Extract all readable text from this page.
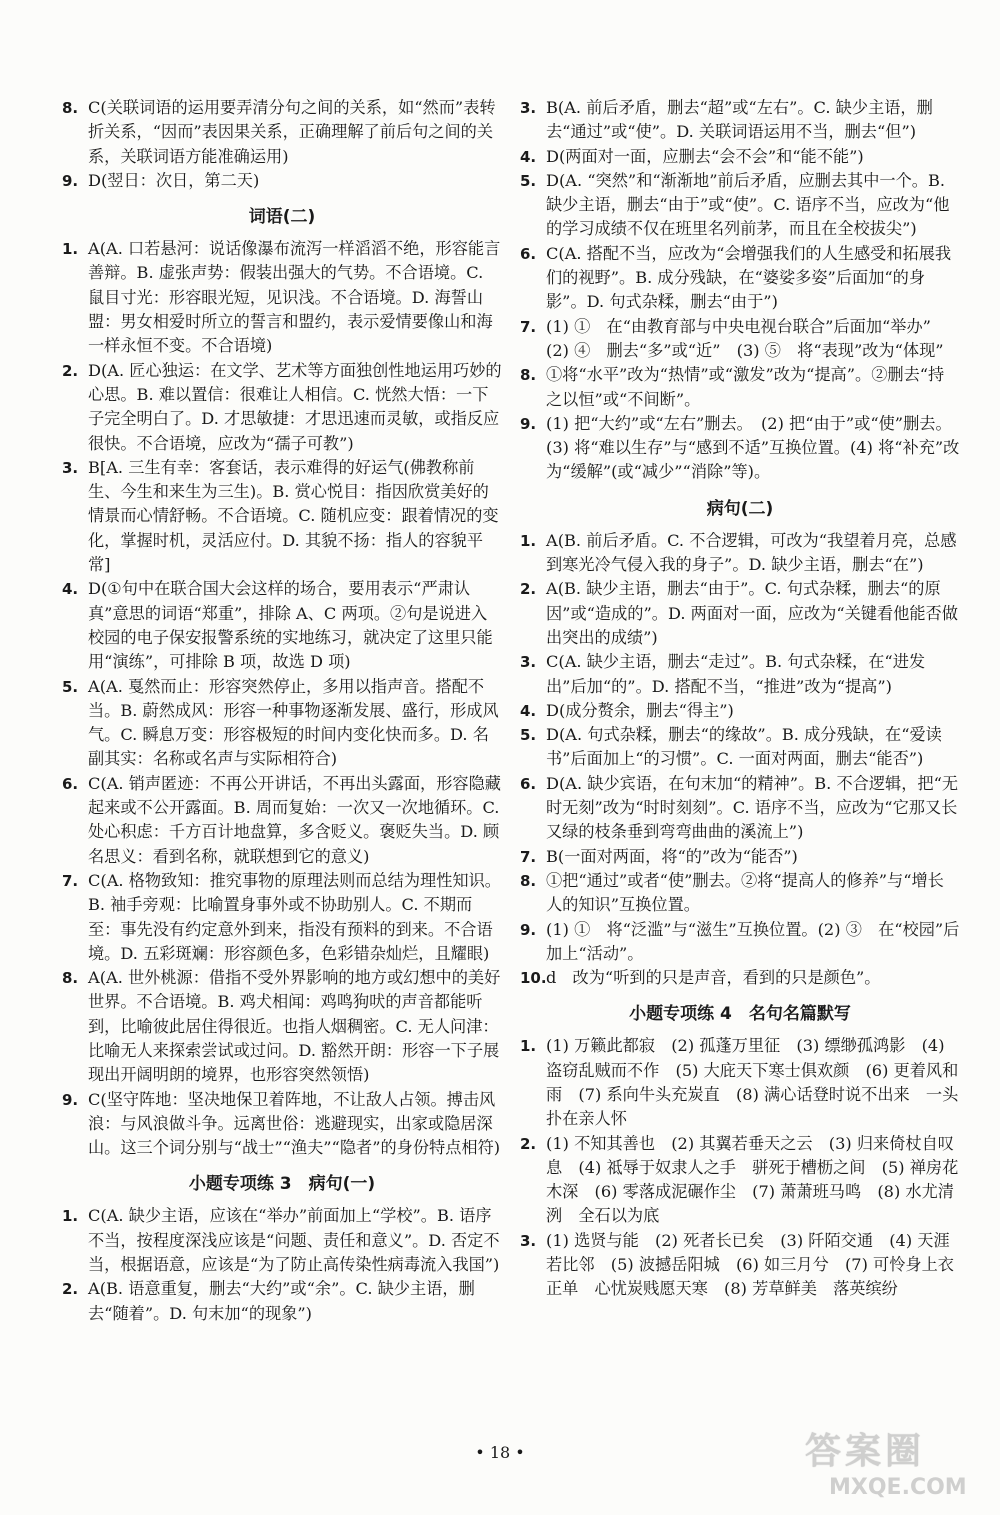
8. C(关联词语的运用要弄清分句之间的关系，如“然而”表转折关系，“因而”表因果关系，正确理解了前后句之间的关系，关联词语方能准确运用)
9. D(翌日：次日，第二天)
词语(二)
1. A(A. 口若悬河：说话像瀑布流泻一样滔滔不绝，形容能言善辩。B. 虚张声势：假装出强大的气势。不合语境。C. 鼠目寸光：形容眼光短，见识浅。不合语境。D. 海誓山盟：男女相爱时所立的誓言和盟约，表示爱情要像山和海一样永恒不变。不合语境)
2. D(A. 匠心独运：在文学、艺术等方面独创性地运用巧妙的心思。B. 难以置信：很难让人相信。C. 恍然大悟：一下子完全明白了。D. 才思敏捷：才思迅速而灵敏，或指反应很快。不合语境，应改为“孺子可教”)
3. B[A. 三生有幸：客套话，表示难得的好运气(佛教称前生、今生和来生为三生)。B. 赏心悦目：指因欣赏美好的情景而心情舒畅。不合语境。C. 随机应变：跟着情况的变化，掌握时机，灵活应付。D. 其貌不扬：指人的容貌平常]
4. D(①句中在联合国大会这样的场合，要用表示“严肃认真”意思的词语“郑重”，排除 A、C 两项。②句是说进入校园的电子保安报警系统的实地练习，就决定了这里只能用“演练”，可排除 B 项，故选 D 项)
5. A(A. 戛然而止：形容突然停止，多用以指声音。搭配不当。B. 蔚然成风：形容一种事物逐渐发展、盛行，形成风气。C. 瞬息万变：形容极短的时间内变化快而多。D. 名副其实：名称或名声与实际相符合)
6. C(A. 销声匿迹：不再公开讲话，不再出头露面，形容隐藏起来或不公开露面。B. 周而复始：一次又一次地循环。C. 处心积虑：千方百计地盘算，多含贬义。褒贬失当。D. 顾名思义：看到名称，就联想到它的意义)
7. C(A. 格物致知：推究事物的原理法则而总结为理性知识。B. 袖手旁观：比喻置身事外或不协助别人。C. 不期而至：事先没有约定意外到来，指没有预料的到来。不合语境。D. 五彩斑斓：形容颜色多，色彩错杂灿烂，且耀眼)
8. A(A. 世外桃源：借指不受外界影响的地方或幻想中的美好世界。不合语境。B. 鸡犬相闻：鸡鸣狗吠的声音都能听到，比喻彼此居住得很近。也指人烟稠密。C. 无人问津：比喻无人来探索尝试或过问。D. 豁然开朗：形容一下子展现出开阔明朗的境界，也形容突然领悟)
9. C(坚守阵地：坚决地保卫着阵地，不让敌人占领。搏击风浪：与风浪做斗争。远离世俗：逃避现实，出家或隐居深山。这三个词分别与“战士”“渔夫”“隐者”的身份特点相符)
小题专项练 3　病句(一)
1. C(A. 缺少主语，应该在“举办”前面加上“学校”。B. 语序不当，按程度深浅应该是“问题、责任和意义”。D. 否定不当，根据语意，应该是“为了防止高传染性病毒流入我国”)
2. A(B. 语意重复，删去“大约”或“余”。C. 缺少主语，删去“随着”。D. 句末加“的现象”)
3. B(A. 前后矛盾，删去“超”或“左右”。C. 缺少主语，删去“通过”或“使”。D. 关联词语运用不当，删去“但”)
4. D(两面对一面，应删去“会不会”和“能不能”)
5. D(A. “突然”和“渐渐地”前后矛盾，应删去其中一个。B. 缺少主语，删去“由于”或“使”。C. 语序不当，应改为“他的学习成绩不仅在班里名列前茅，而且在全校拔尖”)
6. C(A. 搭配不当，应改为“会增强我们的人生感受和拓展我们的视野”。B. 成分残缺，在“婆娑多姿”后面加“的身影”。D. 句式杂糅，删去“由于”)
7. (1) ①　在“由教育部与中央电视台联合”后面加“举办”　(2) ④　删去“多”或“近”　(3) ⑤　将“表现”改为“体现”
8. ①将“水平”改为“热情”或“激发”改为“提高”。②删去“持之以恒”或“不间断”。
9. (1) 把“大约”或“左右”删去。　(2) 把“由于”或“使”删去。　(3) 将“难以生存”与“感到不适”互换位置。(4) 将“补充”改为“缓解”(或“减少”“消除”等)。
病句(二)
1. A(B. 前后矛盾。C. 不合逻辑，可改为“我望着月亮，总感到寒光冷气侵入我的身子”。D. 缺少主语，删去“在”)
2. A(B. 缺少主语，删去“由于”。C. 句式杂糅，删去“的原因”或“造成的”。D. 两面对一面，应改为“关键看他能否做出突出的成绩”)
3. C(A. 缺少主语，删去“走过”。B. 句式杂糅，在“进发出”后加“的”。D. 搭配不当，“推进”改为“提高”)
4. D(成分赘余，删去“得主”)
5. D(A. 句式杂糅，删去“的缘故”。B. 成分残缺，在“爱读书”后面加上“的习惯”。C. 一面对两面，删去“能否”)
6. D(A. 缺少宾语，在句末加“的精神”。B. 不合逻辑，把“无时无刻”改为“时时刻刻”。C. 语序不当，应改为“它那又长又绿的枝条垂到弯弯曲曲的溪流上”)
7. B(一面对两面，将“的”改为“能否”)
8. ①把“通过”或者“使”删去。②将“提高人的修养”与“增长人的知识”互换位置。
9. (1) ①　将“泛滥”与“滋生”互换位置。(2) ③　在“校园”后加上“活动”。
10. d　改为“听到的只是声音，看到的只是颜色”。
小题专项练 4　名句名篇默写
1. (1) 万籁此都寂　(2) 孤蓬万里征　(3) 缥缈孤鸿影　(4) 盗窃乱贼而不作　(5) 大庇天下寒士俱欢颜　(6) 更着风和雨　(7) 系向牛头充炭直　(8) 满心话登时说不出来　一头扑在亲人怀
2. (1) 不知其善也　(2) 其翼若垂天之云　(3) 归来倚杖自叹息　(4) 祗辱于奴隶人之手　骈死于槽枥之间　(5) 禅房花木深　(6) 零落成泥碾作尘　(7) 萧萧班马鸣　(8) 水尤清洌　全石以为底
3. (1) 选贤与能　(2) 死者长已矣　(3) 阡陌交通　(4) 天涯若比邻　(5) 波撼岳阳城　(6) 如三月兮　(7) 可怜身上衣正单　心忧炭贱愿天寒　(8) 芳草鲜美　落英缤纷
• 18 •	答案圈
MXQE.COM
